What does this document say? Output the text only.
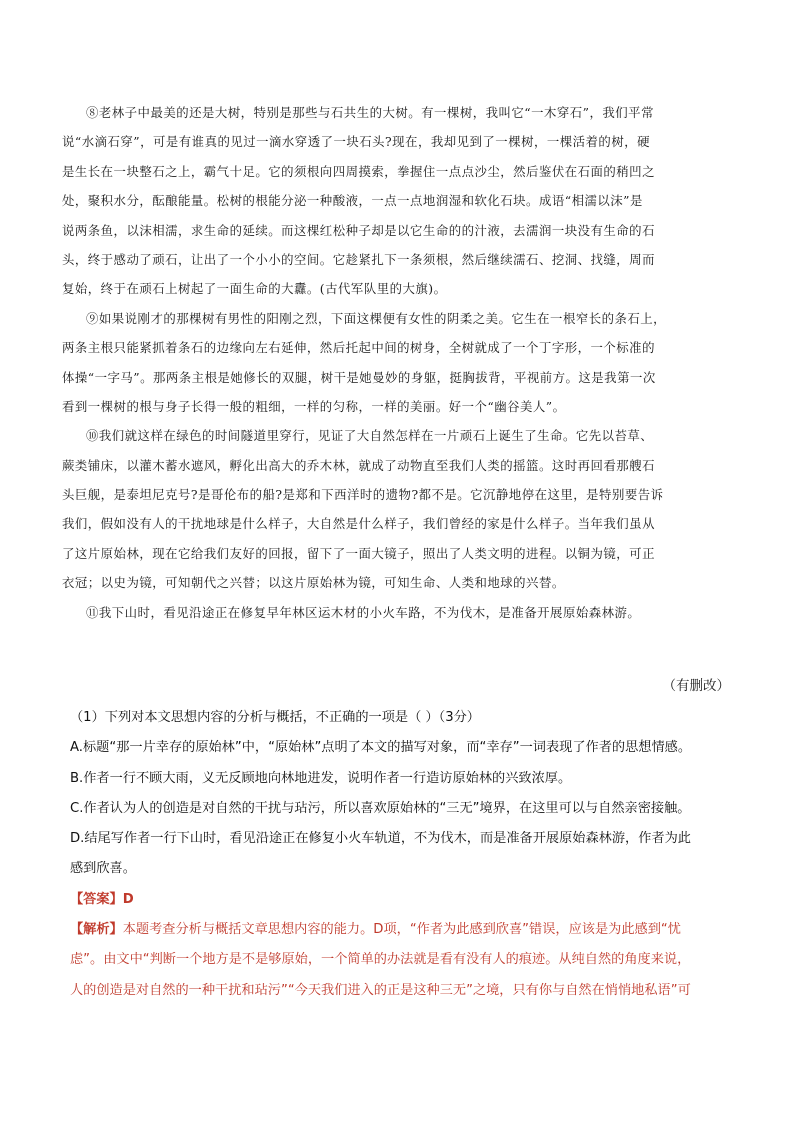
⑧老林子中最美的还是大树，特别是那些与石共生的大树。有一棵树，我叫它“一木穿石”，我们平常
说“水滴石穿”，可是有谁真的见过一滴水穿透了一块石头?现在，我却见到了一棵树，一棵活着的树，硬
是生长在一块整石之上，霸气十足。它的须根向四周摸索，拳握住一点点沙尘，然后鉴伏在石面的稍凹之
处，聚积水分，酝酿能量。松树的根能分泌一种酸液，一点一点地润湿和软化石块。成语“相濡以沫”是
说两条鱼，以沫相濡，求生命的延续。而这棵红松种子却是以它生命的的汁液，去濡润一块没有生命的石
头，终于感动了顽石，让出了一个小小的空间。它趁紧扎下一条须根，然后继续濡石、挖洞、找缝，周而
复始，终于在顽石上树起了一面生命的大纛。(古代军队里的大旗)。
⑨如果说刚才的那棵树有男性的阳刚之烈，下面这棵便有女性的阴柔之美。它生在一根窄长的条石上，
两条主根只能紧抓着条石的边缘向左右延伸，然后托起中间的树身，全树就成了一个丁字形，一个标准的
体操“一字马”。那两条主根是她修长的双腿，树干是她曼妙的身躯，挺胸拔背，平视前方。这是我第一次
看到一棵树的根与身子长得一般的粗细，一样的匀称，一样的美丽。好一个“幽谷美人”。
⑩我们就这样在绿色的时间隧道里穿行，见证了大自然怎样在一片顽石上诞生了生命。它先以苔草、
蕨类铺床，以灌木蓄水遮风，孵化出高大的乔木林，就成了动物直至我们人类的摇篮。这时再回看那艘石
头巨舰，是泰坦尼克号?是哥伦布的船?是郑和下西洋时的遗物?都不是。它沉静地停在这里，是特别要告诉
我们，假如没有人的干扰地球是什么样子，大自然是什么样子，我们曾经的家是什么样子。当年我们虽从
了这片原始林，现在它给我们友好的回报，留下了一面大镜子，照出了人类文明的进程。以铜为镜，可正
衣冠；以史为镜，可知朝代之兴替；以这片原始林为镜，可知生命、人类和地球的兴替。
⑪我下山时，看见沿途正在修复早年林区运木材的小火车路，不为伐木，是准备开展原始森林游。
（有删改）
（1）下列对本文思想内容的分析与概括，不正确的一项是（ ）（3分）
A.标题“那一片幸存的原始林”中，“原始林”点明了本文的描写对象，而“幸存”一词表现了作者的思想情感。
B.作者一行不顾大雨，义无反顾地向林地进发，说明作者一行造访原始林的兴致浓厚。
C.作者认为人的创造是对自然的干扰与玷污，所以喜欢原始林的“三无”境界，在这里可以与自然亲密接触。
D.结尾写作者一行下山时，看见沿途正在修复小火车轨道，不为伐木，而是准备开展原始森林游，作者为此
感到欣喜。
【答案】D
【解析】本题考查分析与概括文章思想内容的能力。D项，“作者为此感到欣喜”错误，应该是为此感到“忧
虑”。由文中“判断一个地方是不是够原始，一个简单的办法就是看有没有人的痕迹。从纯自然的角度来说，
人的创造是对自然的一种干扰和玷污”“今天我们进入的正是这种三无”之境，只有你与自然在悄悄地私语”可
